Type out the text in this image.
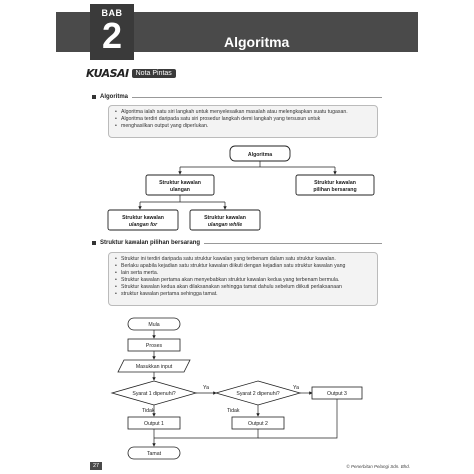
Algoritma
BAB
2
KUASAI	Nota Pintas
Algoritma
• Algoritma ialah satu siri langkah untuk menyelesaikan masalah atau melengkapkan suatu tugasan.
• Algoritma terdiri daripada satu siri prosedur langkah demi langkah yang tersusun untuk
• menghasilkan output yang diperlukan.
Struktur kawalan pilihan bersarang
• Struktur ini terdiri daripada satu struktur kawalan yang terbenam dalam satu struktur kawalan.
• Berlaku apabila kejadian satu struktur kawalan diikuti dengan kejadian satu struktur kawalan yang
• lain serta merta.
• Struktur kawalan pertama akan menyebabkan struktur kawalan kedua yang terbenam bermula.
• Struktur kawalan kedua akan dilaksanakan sehingga tamat dahulu sebelum diikuti perlaksanaan
• struktur kawalan pertama sehingga tamat.
Algoritma
Struktur kawalan
ulangan
Struktur kawalan
pilihan bersarang
Struktur kawalan
ulangan for
Struktur kawalan
ulangan while
Mula
Proses
Masukkan input
Syarat 1 dipenuhi?
Ya
Syarat 2 dipenuhi?
Ya
Output 3
Tidak	Tidak
Output 1	Output 2
Tamat
27	© Penerbitan Pelangi Sdn. Bhd.
